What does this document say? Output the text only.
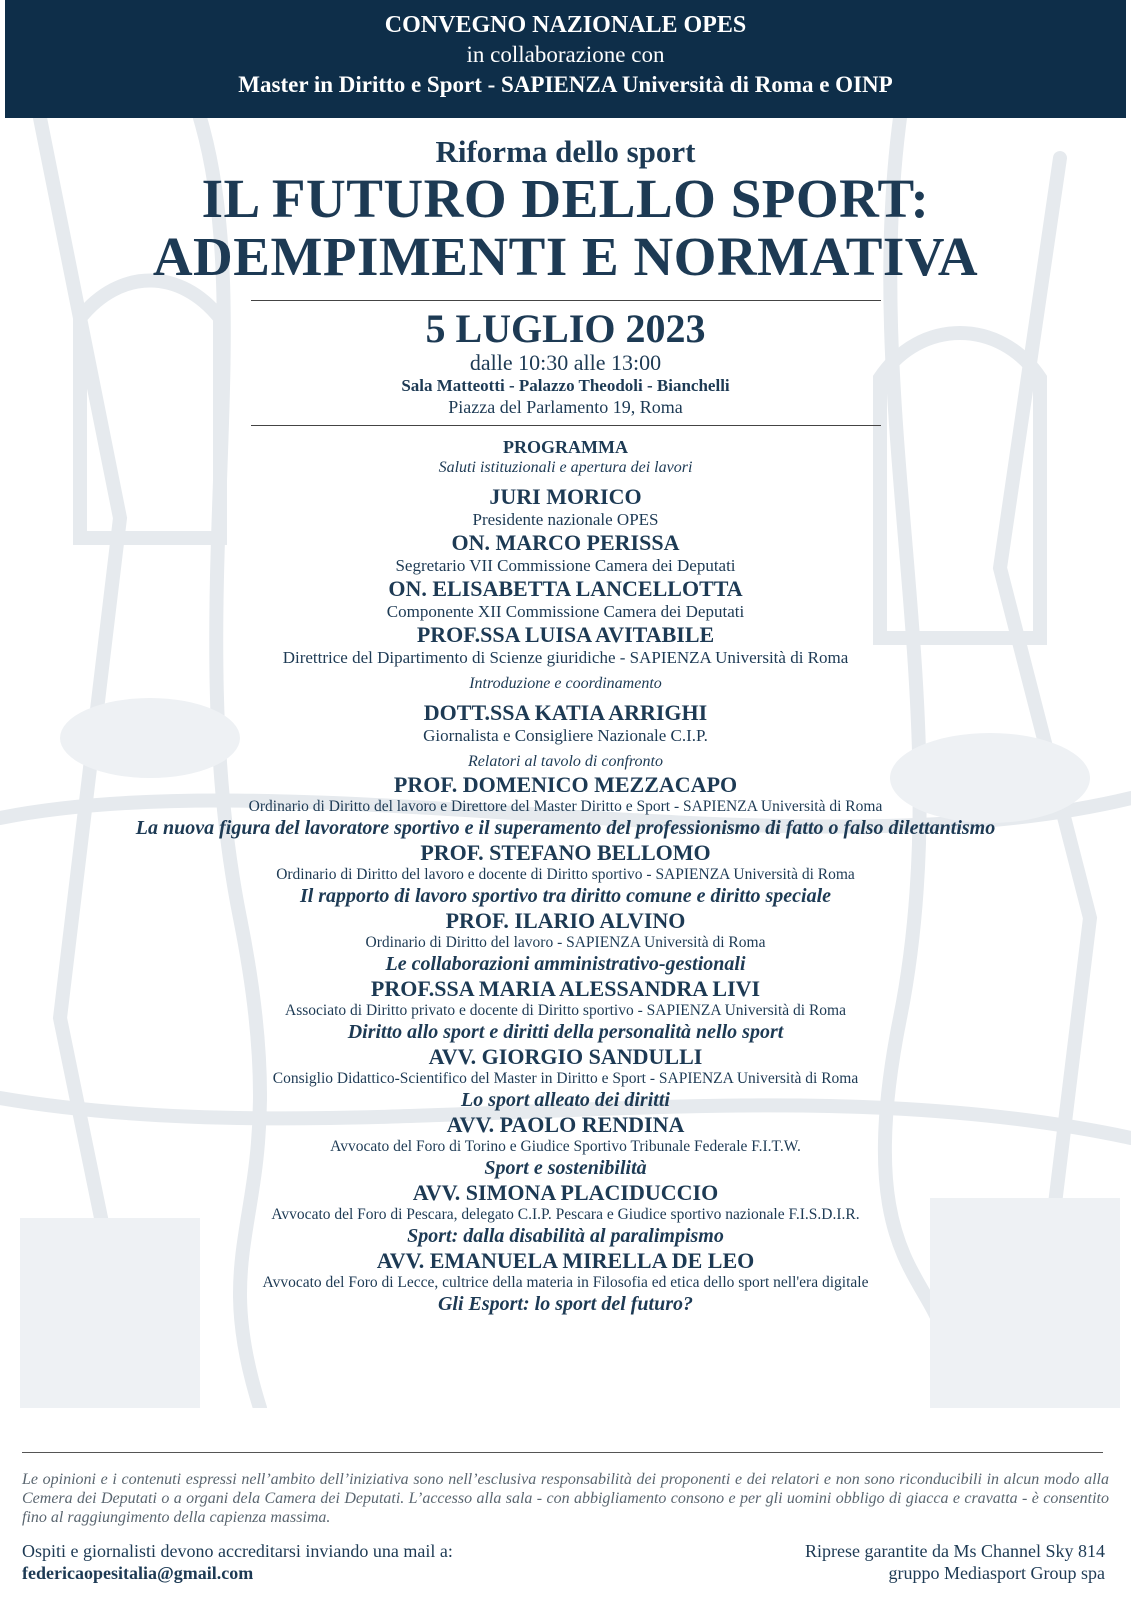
CONVEGNO NAZIONALE OPES
in collaborazione con
Master in Diritto e Sport - SAPIENZA Università di Roma e OINP
Riforma dello sport
IL FUTURO DELLO SPORT:
ADEMPIMENTI E NORMATIVA
5 LUGLIO 2023
dalle 10:30 alle 13:00
Sala Matteotti - Palazzo Theodoli - Bianchelli
Piazza del Parlamento 19, Roma
PROGRAMMA
Saluti istituzionali e apertura dei lavori
JURI MORICO
Presidente nazionale OPES
ON. MARCO PERISSA
Segretario VII Commissione Camera dei Deputati
ON. ELISABETTA LANCELLOTTA
Componente XII Commissione Camera dei Deputati
PROF.SSA LUISA AVITABILE
Direttrice del Dipartimento di Scienze giuridiche - SAPIENZA Università di Roma
Introduzione e coordinamento
DOTT.SSA KATIA ARRIGHI
Giornalista e Consigliere Nazionale C.I.P.
Relatori al tavolo di confronto
PROF. DOMENICO MEZZACAPO
Ordinario di Diritto del lavoro e Direttore del Master Diritto e Sport - SAPIENZA Università di Roma
La nuova figura del lavoratore sportivo e il superamento del professionismo di fatto o falso dilettantismo
PROF. STEFANO BELLOMO
Ordinario di Diritto del lavoro e docente di Diritto sportivo - SAPIENZA Università di Roma
Il rapporto di lavoro sportivo tra diritto comune e diritto speciale
PROF. ILARIO ALVINO
Ordinario di Diritto del lavoro - SAPIENZA Università di Roma
Le collaborazioni amministrativo-gestionali
PROF.SSA MARIA ALESSANDRA LIVI
Associato di Diritto privato e docente di Diritto sportivo - SAPIENZA Università di Roma
Diritto allo sport e diritti della personalità nello sport
AVV. GIORGIO SANDULLI
Consiglio Didattico-Scientifico del Master in Diritto e Sport - SAPIENZA Università di Roma
Lo sport alleato dei diritti
AVV. PAOLO RENDINA
Avvocato del Foro di Torino e Giudice Sportivo Tribunale Federale F.I.T.W.
Sport e sostenibilità
AVV. SIMONA PLACIDUCCIO
Avvocato del Foro di Pescara, delegato C.I.P. Pescara e Giudice sportivo nazionale F.I.S.D.I.R.
Sport: dalla disabilità al paralimpismo
AVV. EMANUELA MIRELLA DE LEO
Avvocato del Foro di Lecce, cultrice della materia in Filosofia ed etica dello sport nell'era digitale
Gli Esport: lo sport del futuro?
Le opinioni e i contenuti espressi nell’ambito dell’iniziativa sono nell’esclusiva responsabilità dei proponenti e dei relatori e non sono riconducibili in alcun modo alla Cemera dei Deputati o a organi dela Camera dei Deputati. L’accesso alla sala - con abbigliamento consono e per gli uomini obbligo di giacca e cravatta - è consentito fino al raggiungimento della capienza massima.
Ospiti e giornalisti devono accreditarsi inviando una mail a:
federicaopesitalia@gmail.com
Riprese garantite da Ms Channel Sky 814
gruppo Mediasport Group spa
